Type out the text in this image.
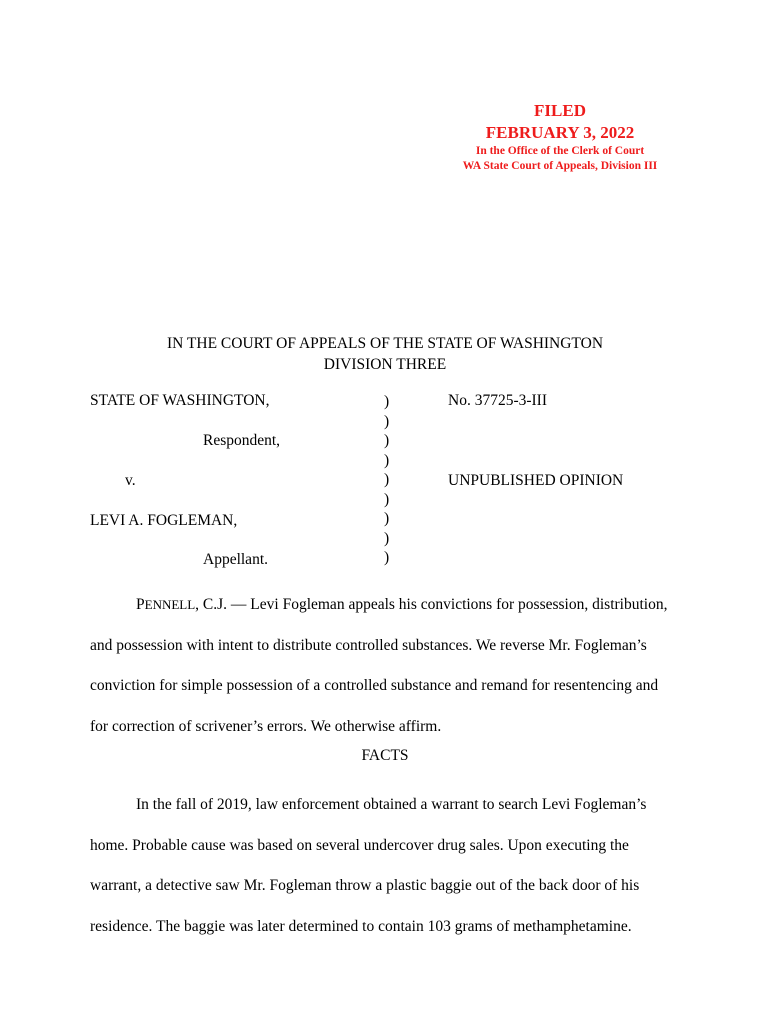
FILED
FEBRUARY 3, 2022
In the Office of the Clerk of Court
WA State Court of Appeals, Division III
IN THE COURT OF APPEALS OF THE STATE OF WASHINGTON
DIVISION THREE
STATE OF WASHINGTON,
Respondent,
v.
LEVI A. FOGLEMAN,
Appellant.
)
)
)
)
)
)
)
)
)
No. 37725-3-III
UNPUBLISHED OPINION
PENNELL, C.J. — Levi Fogleman appeals his convictions for possession, distribution, and possession with intent to distribute controlled substances. We reverse Mr. Fogleman’s conviction for simple possession of a controlled substance and remand for resentencing and for correction of scrivener’s errors. We otherwise affirm.
FACTS
In the fall of 2019, law enforcement obtained a warrant to search Levi Fogleman’s home. Probable cause was based on several undercover drug sales. Upon executing the warrant, a detective saw Mr. Fogleman throw a plastic baggie out of the back door of his residence. The baggie was later determined to contain 103 grams of methamphetamine.
